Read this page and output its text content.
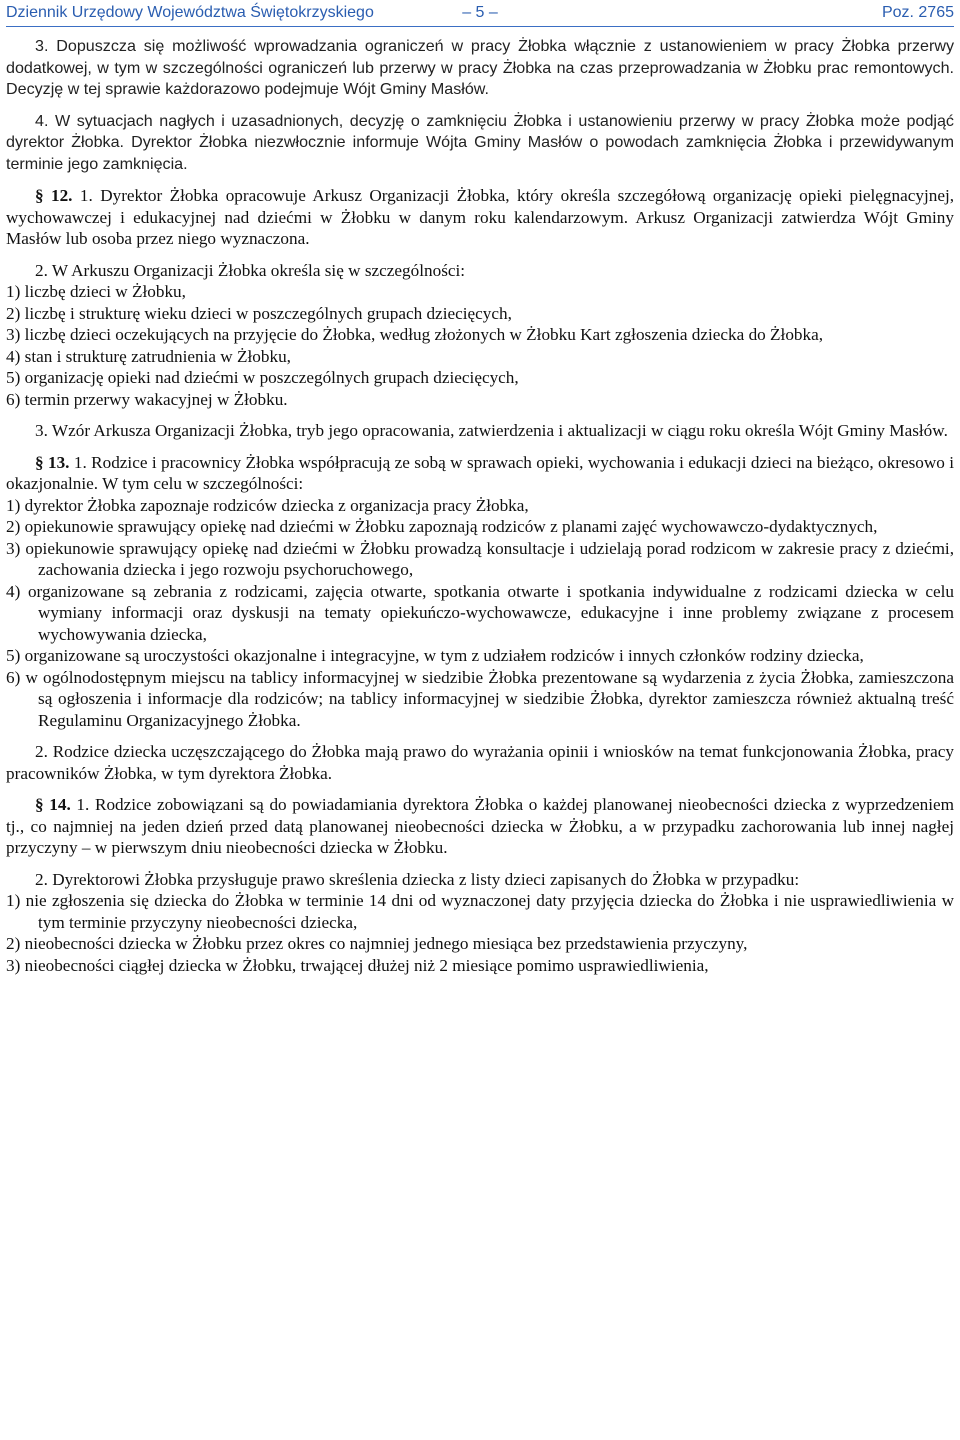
Dziennik Urzędowy Województwa Świętokrzyskiego	– 5 –	Poz. 2765

3. Dopuszcza się możliwość wprowadzania ograniczeń w pracy Żłobka włącznie z ustanowieniem w pracy Żłobka przerwy dodatkowej, w tym w szczególności ograniczeń lub przerwy w pracy Żłobka na czas przeprowadzania w Żłobku prac remontowych. Decyzję w tej sprawie każdorazowo podejmuje Wójt Gminy Masłów.

4. W sytuacjach nagłych i uzasadnionych, decyzję o zamknięciu Żłobka i ustanowieniu przerwy w pracy Żłobka może podjąć dyrektor Żłobka. Dyrektor Żłobka niezwłocznie informuje Wójta Gminy Masłów o powodach zamknięcia Żłobka i przewidywanym terminie jego zamknięcia.

§ 12. 1. Dyrektor Żłobka opracowuje Arkusz Organizacji Żłobka, który określa szczegółową organizację opieki pielęgnacyjnej, wychowawczej i edukacyjnej nad dziećmi w Żłobku w danym roku kalendarzowym. Arkusz Organizacji zatwierdza Wójt Gminy Masłów lub osoba przez niego wyznaczona.

2. W Arkuszu Organizacji Żłobka określa się w szczególności:

1) liczbę dzieci w Żłobku,

2) liczbę i strukturę wieku dzieci w poszczególnych grupach dziecięcych,

3) liczbę dzieci oczekujących na przyjęcie do Żłobka, według złożonych w Żłobku Kart zgłoszenia dziecka do Żłobka,

4) stan i strukturę zatrudnienia w Żłobku,

5) organizację opieki nad dziećmi w poszczególnych grupach dziecięcych,

6) termin przerwy wakacyjnej w Żłobku.

3. Wzór Arkusza Organizacji Żłobka, tryb jego opracowania, zatwierdzenia i aktualizacji w ciągu roku określa Wójt Gminy Masłów.

§ 13. 1. Rodzice i pracownicy Żłobka współpracują ze sobą w sprawach opieki, wychowania i edukacji dzieci na bieżąco, okresowo i okazjonalnie. W tym celu w szczególności:

1) dyrektor Żłobka zapoznaje rodziców dziecka z organizacja pracy Żłobka,

2) opiekunowie sprawujący opiekę nad dziećmi w Żłobku zapoznają rodziców z planami zajęć wychowawczo-dydaktycznych,

3) opiekunowie sprawujący opiekę nad dziećmi w Żłobku prowadzą konsultacje i udzielają porad rodzicom w zakresie pracy z dziećmi, zachowania dziecka i jego rozwoju psychoruchowego,

4) organizowane są zebrania z rodzicami, zajęcia otwarte, spotkania otwarte i spotkania indywidualne z rodzicami dziecka w celu wymiany informacji oraz dyskusji na tematy opiekuńczo-wychowawcze, edukacyjne i inne problemy związane z procesem wychowywania dziecka,

5) organizowane są uroczystości okazjonalne i integracyjne, w tym z udziałem rodziców i innych członków rodziny dziecka,

6) w ogólnodostępnym miejscu na tablicy informacyjnej w siedzibie Żłobka prezentowane są wydarzenia z życia Żłobka, zamieszczona są ogłoszenia i informacje dla rodziców; na tablicy informacyjnej w siedzibie Żłobka, dyrektor zamieszcza również aktualną treść Regulaminu Organizacyjnego Żłobka.

2. Rodzice dziecka uczęszczającego do Żłobka mają prawo do wyrażania opinii i wniosków na temat funkcjonowania Żłobka, pracy pracowników Żłobka, w tym dyrektora Żłobka.

§ 14. 1. Rodzice zobowiązani są do powiadamiania dyrektora Żłobka o każdej planowanej nieobecności dziecka z wyprzedzeniem tj., co najmniej na jeden dzień przed datą planowanej nieobecności dziecka w Żłobku, a w przypadku zachorowania lub innej nagłej przyczyny – w pierwszym dniu nieobecności dziecka w Żłobku.

2. Dyrektorowi Żłobka przysługuje prawo skreślenia dziecka z listy dzieci zapisanych do Żłobka w przypadku:

1) nie zgłoszenia się dziecka do Żłobka w terminie 14 dni od wyznaczonej daty przyjęcia dziecka do Żłobka i nie usprawiedliwienia w tym terminie przyczyny nieobecności dziecka,

2) nieobecności dziecka w Żłobku przez okres co najmniej jednego miesiąca bez przedstawienia przyczyny,

3) nieobecności ciągłej dziecka w Żłobku, trwającej dłużej niż 2 miesiące pomimo usprawiedliwienia,
